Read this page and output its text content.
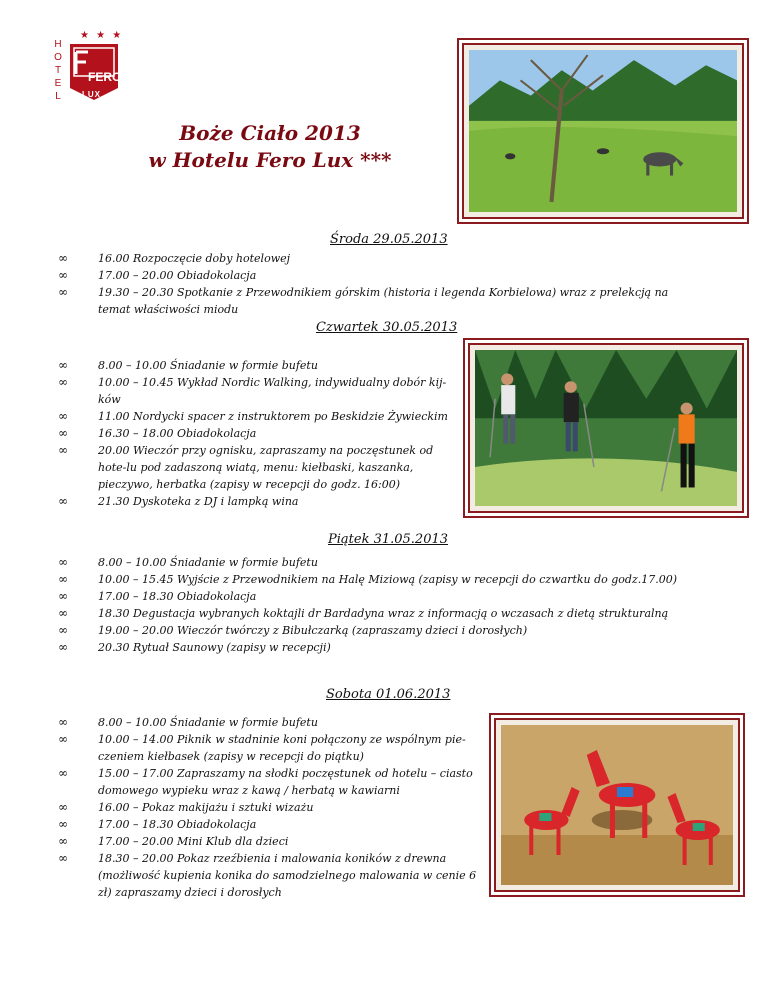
H
O
T
E
L
★ ★ ★
FERO
LUX
Boże Ciało 2013
w Hotelu Fero Lux ***
Środa 29.05.2013
∞ 16.00 Rozpoczęcie doby hotelowej
∞ 17.00 – 20.00 Obiadokolacja
∞ 19.30 – 20.30 Spotkanie z Przewodnikiem górskim (historia i legenda Korbielowa) wraz z prelekcją na temat właściwości miodu
Czwartek 30.05.2013
∞ 8.00 – 10.00 Śniadanie w formie bufetu
∞ 10.00 – 10.45 Wykład Nordic Walking, indywidualny dobór kij-ków
∞ 11.00 Nordycki spacer z instruktorem po Beskidzie Żywieckim
∞ 16.30 – 18.00 Obiadokolacja
∞ 20.00 Wieczór przy ognisku, zapraszamy na poczęstunek od hote-lu pod zadaszoną wiatą, menu: kiełbaski, kaszanka, pieczywo, herbatka (zapisy w recepcji do godz. 16:00)
∞ 21.30 Dyskoteka z DJ i lampką wina
Piątek 31.05.2013
∞ 8.00 – 10.00 Śniadanie w formie bufetu
∞ 10.00 – 15.45 Wyjście z Przewodnikiem na Halę Miziową (zapisy w recepcji do czwartku do godz.17.00)
∞ 17.00 – 18.30 Obiadokolacja
∞ 18.30 Degustacja wybranych koktajli dr Bardadyna wraz z informacją o wczasach z dietą strukturalną
∞ 19.00 – 20.00 Wieczór twórczy z Bibułczarką (zapraszamy dzieci i dorosłych)
∞ 20.30 Rytuał Saunowy (zapisy w recepcji)
Sobota 01.06.2013
∞ 8.00 – 10.00 Śniadanie w formie bufetu
∞ 10.00 – 14.00 Piknik w stadninie koni połączony ze wspólnym pie-czeniem kiełbasek (zapisy w recepcji do piątku)
∞ 15.00 – 17.00 Zapraszamy na słodki poczęstunek od hotelu – ciasto domowego wypieku wraz z kawą / herbatą w kawiarni
∞ 16.00 – Pokaz makijażu i sztuki wizażu
∞ 17.00 – 18.30 Obiadokolacja
∞ 17.00 – 20.00 Mini Klub dla dzieci
∞ 18.30 – 20.00 Pokaz rzeźbienia i malowania koników z drewna (możliwość kupienia konika do samodzielnego malowania w cenie 6 zł) zapraszamy dzieci i dorosłych
